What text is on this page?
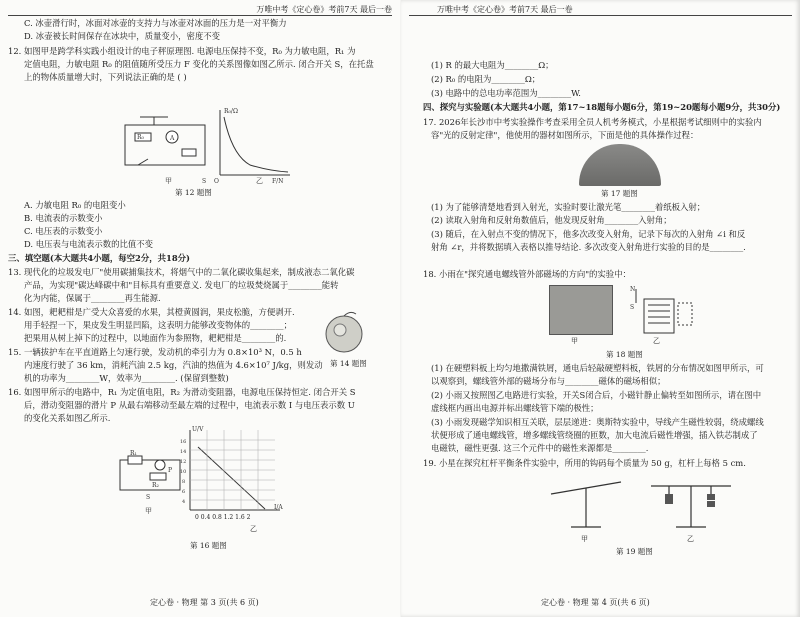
万唯中考《定心卷》考前7天 最后一卷
C. 冰壶滑行时，冰面对冰壶的支持力与冰壶对冰面的压力是一对平衡力
D. 冰壶被长时间保存在冰块中，质量变小，密度不变
12. 如图甲是跨学科实践小组设计的电子秤原理图. 电源电压保持不变，R₀ 为力敏电阻，R₁ 为
定值电阻，力敏电阻 R₀ 的阻值随所受压力 F 变化的关系图像如图乙所示. 闭合开关 S，在托盘
上的物体质量增大时，下列说法正确的是 ( )
A
R₀
S
甲
R₀/Ω
F/N
O	乙
第 12 题图
A. 力敏电阻 R₀ 的电阻变小
B. 电流表的示数变小
C. 电压表的示数变小
D. 电压表与电流表示数的比值不变
三、填空题(本大题共4小题，每空2分，共18分)
13. 现代化的垃圾发电厂"使用碳捕集技术，将烟气中的二氧化碳收集起来，制成液态二氧化碳
产品，为实现"碳达峰碳中和"目标具有重要意义. 发电厂的垃圾焚烧属于________能转
化为内能，保属于________再生能源.
14. 如图，耙耙柑是广受大众喜爱的水果，其橙黄圆润，果皮松脆，方便剥开.
用手轻捏一下，果皮发生明显凹陷，这表明力能够改变物体的________；
把果用从树上掉下的过程中，以地面作为参照物，耙耙柑是________的.
第 14 题图
15. 一辆拔护车在平直道路上匀速行驶，发动机的牵引力为 0.8×10³ N，0.5 h
内速度行驶了 36 km，消耗汽油 2.5 kg，汽油的热值为 4.6×10⁷ J/kg，则发动
机的功率为________W，效率为________. (保留到整数)
16. 如图甲所示的电路中，R₁ 为定值电阻，R₂ 为滑动变阻器，电源电压保持恒定. 闭合开关 S
后，滑动变阻器的滑片 P 从最右端移动至最左端的过程中，电流表示数 I 与电压表示数 U
的变化关系如图乙所示.
R₁
R₂
P
S
甲
U/V
I/A
16
14
12
10
8
6
4
0 0.4 0.8 1.2 1.6 2
乙
第 16 题图
定心卷 · 物理 第 3 页(共 6 页)
万唯中考《定心卷》考前7天 最后一卷
(1) R 的最大电阻为________Ω；
(2) R₀ 的电阻为________Ω；
(3) 电路中的总电功率范围为________W.
四、探究与实验题(本大题共4小题，第17~18题每小题6分，第19~20题每小题9分，共30分)
17. 2026年长沙市中考实验操作考查采用全员人机考务模式，小星根据考试细则中的实验内
容"光的反射定律"，他使用的器材如图所示，下面是他的具体操作过程：
第 17 题图
(1) 为了能够清楚地看到入射光，实验时要让激光笔________着纸板入射；
(2) 读取入射角和反射角数值后，他发现反射角________入射角；
(3) 随后，在入射点不变的情况下，他多次改变入射角，记录下每次的入射角 ∠i 和反
射角 ∠r，并将数据填入表格以推导结论. 多次改变入射角进行实验的目的是________.
18. 小雨在"探究通电螺线管外部磁场的方向"的实验中：
N
S
甲	乙
第 18 题图
(1) 在硬塑料板上均匀地撒满铁屑，通电后轻敲硬塑料板，铁屑的分布情况如图甲所示，可
以观察到，螺线管外部的磁场分布与________磁体的磁场相似；
(2) 小雨又按照图乙电路进行实验，开关S闭合后，小磁针静止偏转至如图所示，请在图中
虚线框内画出电源并标出螺线管下端的极性；
(3) 小雨发现磁学知识相互关联，层层递进：奥斯特实验中，导线产生磁性较弱，绕成螺线
状便形成了通电螺线管，增多螺线管绕圈的匝数，加大电流后磁性增强，插入铁芯制成了
电磁铁，磁性更强. 这三个元件中的磁性来源都是________.
19. 小星在探究杠杆平衡条件实验中，所用的钩码每个质量为 50 g，杠杆上每格 5 cm.
甲	乙
第 19 题图
定心卷 · 物理 第 4 页(共 6 页)
